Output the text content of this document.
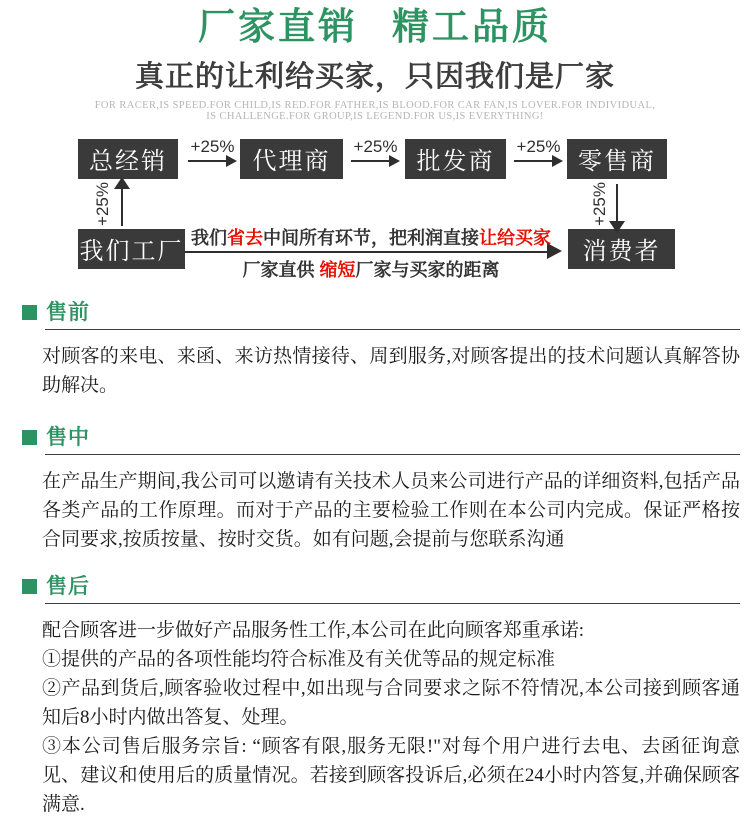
厂家直销 精工品质
真正的让利给买家，只因我们是厂家
FOR RACER,IS SPEED.FOR CHILD,IS RED.FOR FATHER,IS BLOOD.FOR CAR FAN,IS LOVER.FOR INDIVIDUAL,
IS CHALLENGE.FOR GROUP,IS LEGEND.FOR US,IS EVERYTHING!
总经销	代理商	批发商	零售商
我们工厂	消费者
+25%	+25%	+25%
+25%	+25%
我们省去中间所有环节，把利润直接让给买家
厂家直供 缩短厂家与买家的距离
售前

对顾客的来电、来函、来访热情接待、周到服务,对顾客提出的技术问题认真解答协助解决。

售中

在产品生产期间,我公司可以邀请有关技术人员来公司进行产品的详细资料,包括产品各类产品的工作原理。而对于产品的主要检验工作则在本公司内完成。保证严格按合同要求,按质按量、按时交货。如有问题,会提前与您联系沟通

售后

配合顾客进一步做好产品服务性工作,本公司在此向顾客郑重承诺:

①提供的产品的各项性能均符合标准及有关优等品的规定标准

②产品到货后,顾客验收过程中,如出现与合同要求之际不符情况,本公司接到顾客通知后8小时内做出答复、处理。

③本公司售后服务宗旨: “顾客有限,服务无限!"对每个用户进行去电、去函征询意见、建议和使用后的质量情况。若接到顾客投诉后,必须在24小时内答复,并确保顾客满意.
